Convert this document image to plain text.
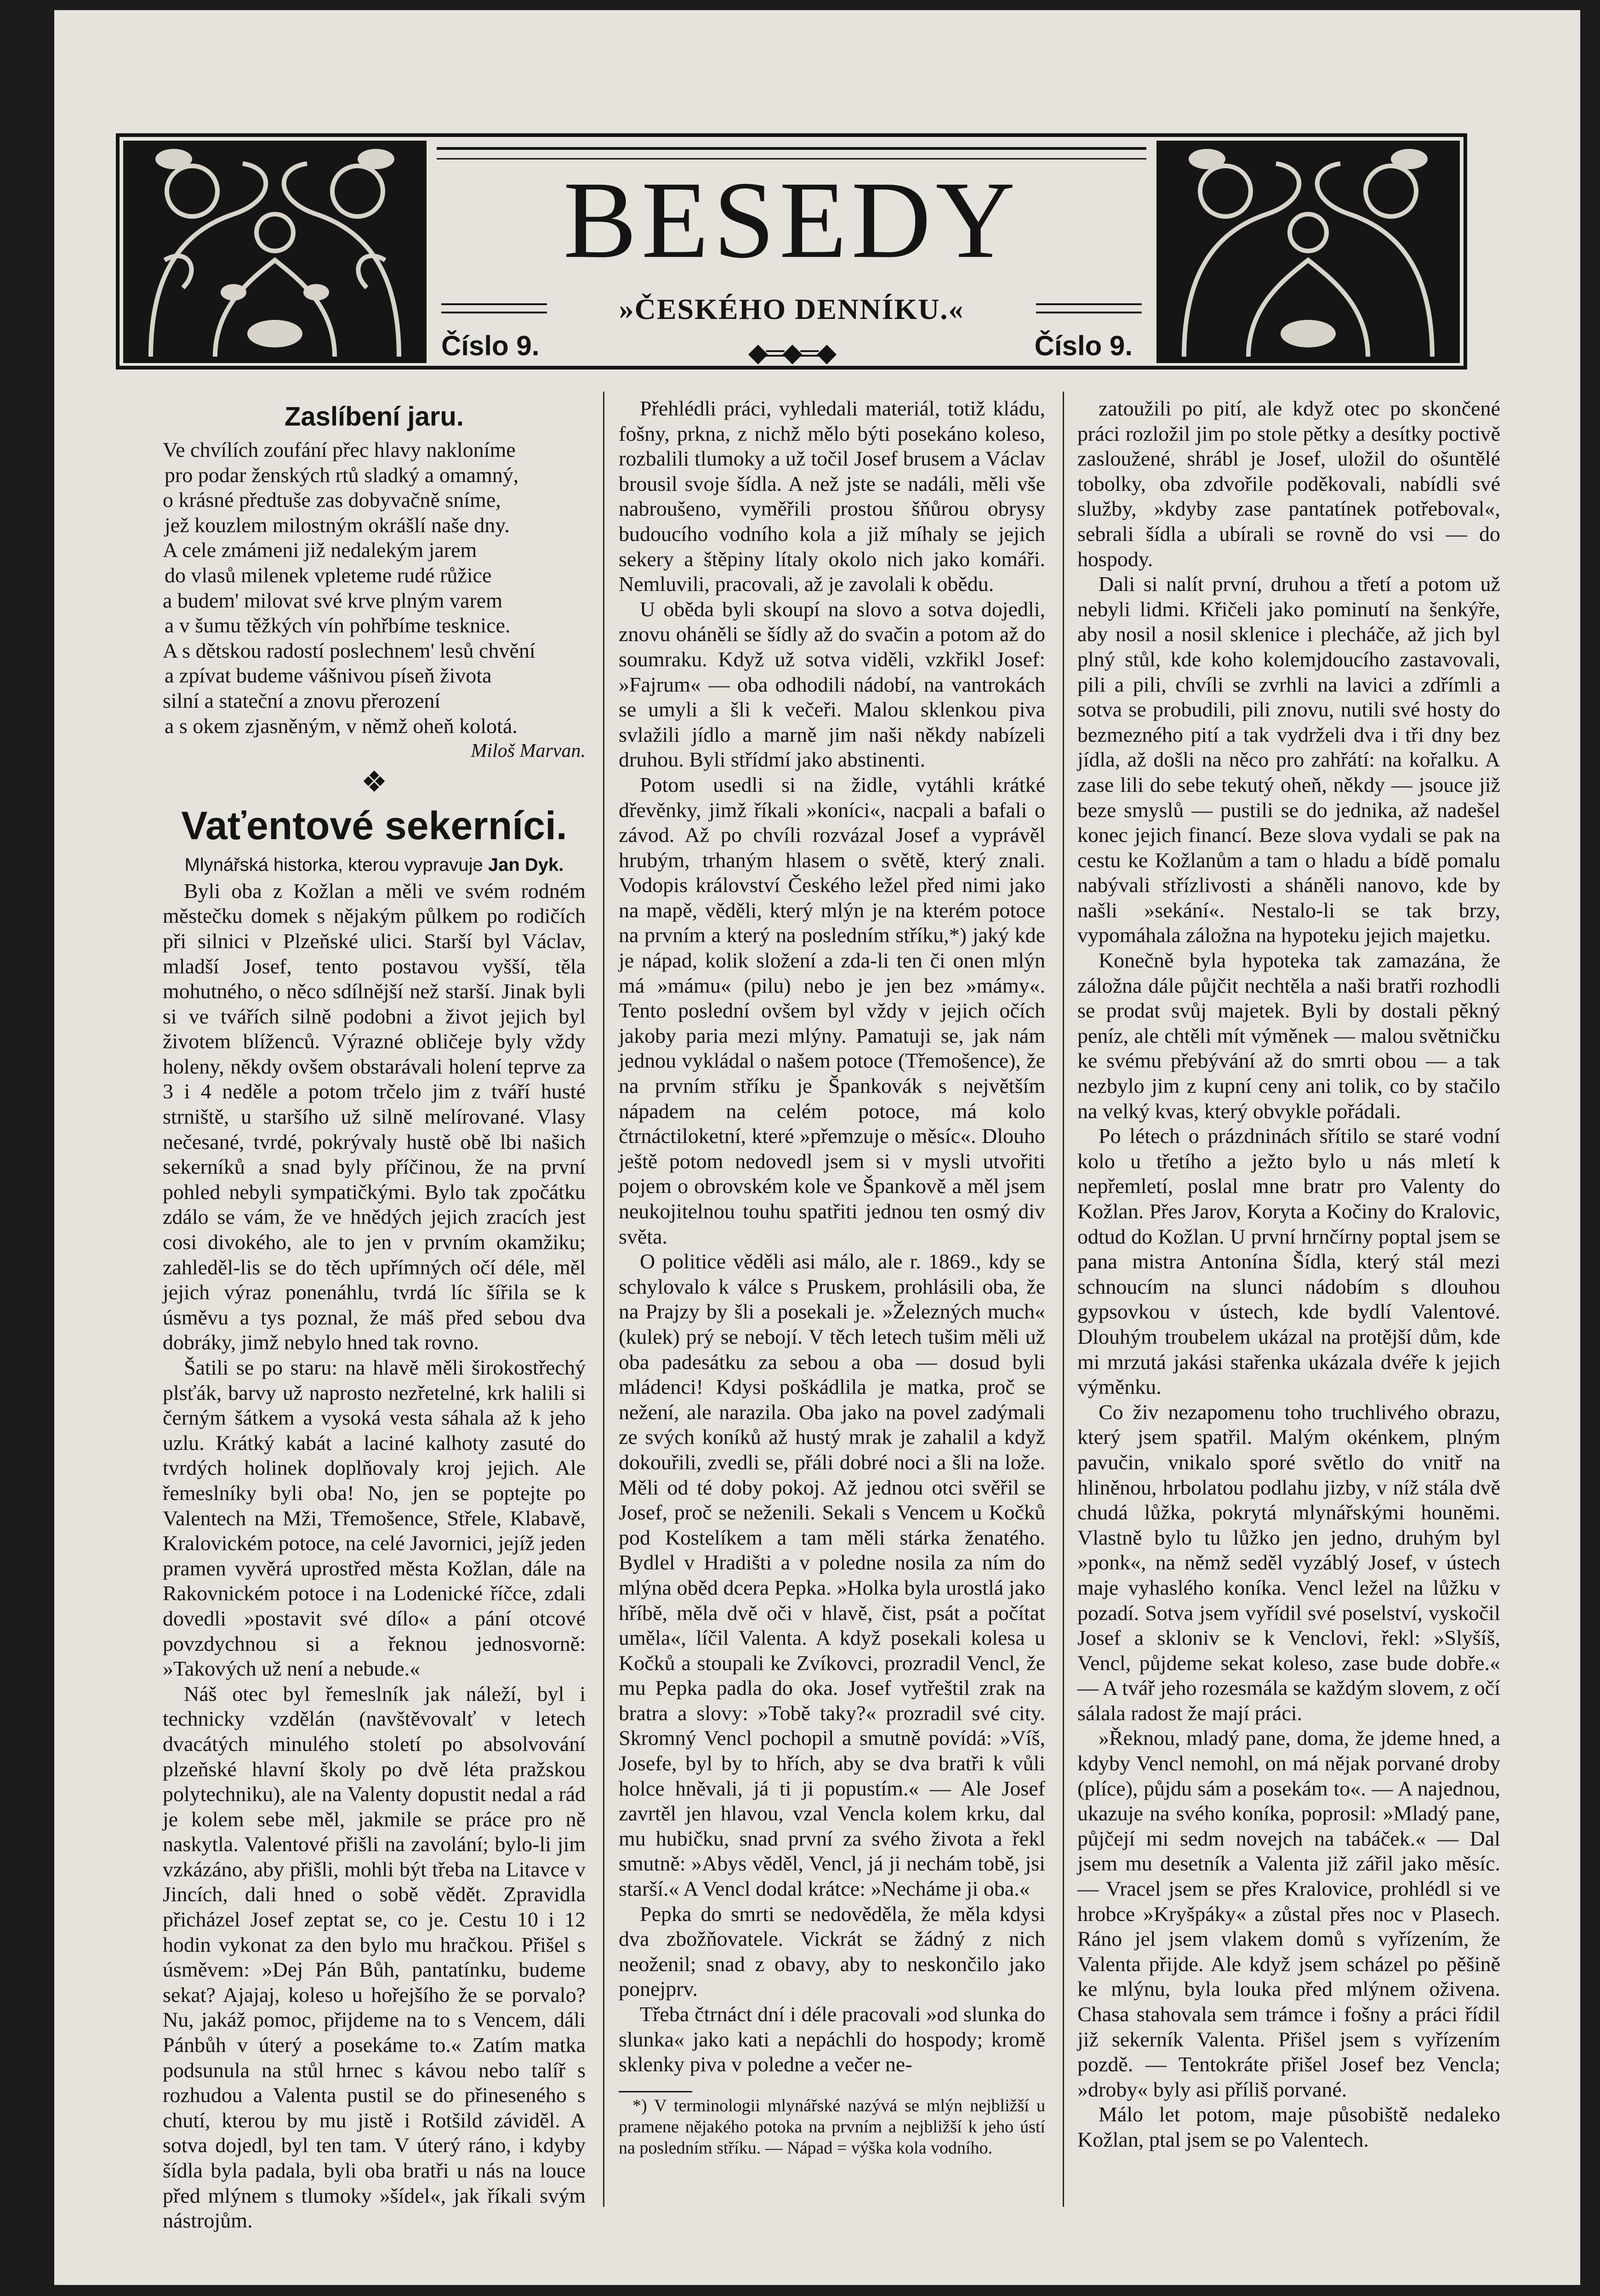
BESEDY
»ČESKÉHO DENNÍKU.«
Číslo 9.	◆═◆═◆	Číslo 9.

Zaslíbení jaru.

Ve chvílích zoufání přec hlavy nakloníme
pro podar ženských rtů sladký a omamný,
o krásné předtuše zas dobyvačně sníme,
jež kouzlem milostným okrášlí naše dny.

A cele zmámeni již nedalekým jarem
do vlasů milenek vpleteme rudé růžice
a budem' milovat své krve plným varem
a v šumu těžkých vín pohřbíme tesknice.

A s dětskou radostí poslechnem' lesů chvění
a zpívat budeme vášnivou píseň života
silní a stateční a znovu přerození
a s okem zjasněným, v němž oheň kolotá.

Miloš Marvan.

❖

Vaťentové sekerníci.

Mlynářská historka, kterou vypravuje Jan Dyk.

Byli oba z Kožlan a měli ve svém rodném městečku domek s nějakým půlkem po rodičích při silnici v Plzeňské ulici. Starší byl Václav, mladší Josef, tento postavou vyšší, těla mohutného, o něco sdílnější než starší. Jinak byli si ve tvářích silně podobni a život jejich byl životem blíženců. Výrazné obličeje byly vždy holeny, někdy ovšem obstarávali holení teprve za 3 i 4 neděle a potom trčelo jim z tváří husté strniště, u staršího už silně melírované. Vlasy nečesané, tvrdé, pokrývaly hustě obě lbi našich sekerníků a snad byly příčinou, že na první pohled nebyli sympatičkými. Bylo tak zpočátku zdálo se vám, že ve hnědých jejich zracích jest cosi divokého, ale to jen v prvním okamžiku; zahleděl-lis se do těch upřímných očí déle, měl jejich výraz ponenáhlu, tvrdá líc šířila se k úsměvu a tys poznal, že máš před sebou dva dobráky, jimž nebylo hned tak rovno.

Šatili se po staru: na hlavě měli širokostřechý plsťák, barvy už naprosto nezřetelné, krk halili si černým šátkem a vysoká vesta sáhala až k jeho uzlu. Krátký kabát a laciné kalhoty zasuté do tvrdých holinek doplňovaly kroj jejich. Ale řemeslníky byli oba! No, jen se poptejte po Valentech na Mži, Třemošence, Střele, Klabavě, Kralovickém potoce, na celé Javornici, jejíž jeden pramen vyvěrá uprostřed města Kožlan, dále na Rakovnickém potoce i na Lodenické říčce, zdali dovedli »postavit své dílo« a pání otcové povzdychnou si a řeknou jednosvorně: »Takových už není a nebude.«

Náš otec byl řemeslník jak náleží, byl i technicky vzdělán (navštěvovalť v letech dvacátých minulého století po absolvování plzeňské hlavní školy po dvě léta pražskou polytechniku), ale na Valenty dopustit nedal a rád je kolem sebe měl, jakmile se práce pro ně naskytla. Valentové přišli na zavolání; bylo-li jim vzkázáno, aby přišli, mohli být třeba na Litavce v Jincích, dali hned o sobě vědět. Zpravidla přicházel Josef zeptat se, co je. Cestu 10 i 12 hodin vykonat za den bylo mu hračkou. Přišel s úsměvem: »Dej Pán Bůh, pantatínku, budeme sekat? Ajajaj, koleso u hořejšího že se porvalo? Nu, jakáž pomoc, přijdeme na to s Vencem, dáli Pánbůh v úterý a posekáme to.« Zatím matka podsunula na stůl hrnec s kávou nebo talíř s rozhudou a Valenta pustil se do přineseného s chutí, kterou by mu jistě i Rotšild záviděl. A sotva dojedl, byl ten tam. V úterý ráno, i kdyby šídla byla padala, byli oba bratři u nás na louce před mlýnem s tlumoky »šídel«, jak říkali svým nástrojům.

Přehlédli práci, vyhledali materiál, totiž kládu, fošny, prkna, z nichž mělo býti posekáno koleso, rozbalili tlumoky a už točil Josef brusem a Václav brousil svoje šídla. A než jste se nadáli, měli vše nabroušeno, vyměřili prostou šňůrou obrysy budoucího vodního kola a již míhaly se jejich sekery a štěpiny lítaly okolo nich jako komáři. Nemluvili, pracovali, až je zavolali k obědu.

U oběda byli skoupí na slovo a sotva dojedli, znovu oháněli se šídly až do svačin a potom až do soumraku. Když už sotva viděli, vzkřikl Josef: »Fajrum« — oba odhodili nádobí, na vantrokách se umyli a šli k večeři. Malou sklenkou piva svlažili jídlo a marně jim naši někdy nabízeli druhou. Byli střídmí jako abstinenti.

Potom usedli si na židle, vytáhli krátké dřevěnky, jimž říkali »koníci«, nacpali a bafali o závod. Až po chvíli rozvázal Josef a vyprávěl hrubým, trhaným hlasem o světě, který znali. Vodopis království Českého ležel před nimi jako na mapě, věděli, který mlýn je na kterém potoce na prvním a který na posledním stříku,*) jaký kde je nápad, kolik složení a zda-li ten či onen mlýn má »mámu« (pilu) nebo je jen bez »mámy«. Tento poslední ovšem byl vždy v jejich očích jakoby paria mezi mlýny. Pamatuji se, jak nám jednou vykládal o našem potoce (Třemošence), že na prvním stříku je Špankovák s největším nápadem na celém potoce, má kolo čtrnáctiloketní, které »přemzuje o měsíc«. Dlouho ještě potom nedovedl jsem si v mysli utvořiti pojem o obrovském kole ve Špankově a měl jsem neukojitelnou touhu spatřiti jednou ten osmý div světa.

O politice věděli asi málo, ale r. 1869., kdy se schylovalo k válce s Pruskem, prohlásili oba, že na Prajzy by šli a posekali je. »Železných much« (kulek) prý se nebojí. V těch letech tušim měli už oba padesátku za sebou a oba — dosud byli mládenci! Kdysi poškádlila je matka, proč se nežení, ale narazila. Oba jako na povel zadýmali ze svých koníků až hustý mrak je zahalil a když dokouřili, zvedli se, přáli dobré noci a šli na lože. Měli od té doby pokoj. Až jednou otci svěřil se Josef, proč se neženili. Sekali s Vencem u Kočků pod Kostelíkem a tam měli stárka ženatého. Bydlel v Hradišti a v poledne nosila za ním do mlýna oběd dcera Pepka. »Holka byla urostlá jako hříbě, měla dvě oči v hlavě, čist, psát a počítat uměla«, líčil Valenta. A když posekali kolesa u Kočků a stoupali ke Zvíkovci, prozradil Vencl, že mu Pepka padla do oka. Josef vytřeštil zrak na bratra a slovy: »Tobě taky?« prozradil své city. Skromný Vencl pochopil a smutně povídá: »Víš, Josefe, byl by to hřích, aby se dva bratři k vůli holce hněvali, já ti ji popustím.« — Ale Josef zavrtěl jen hlavou, vzal Vencla kolem krku, dal mu hubičku, snad první za svého života a řekl smutně: »Abys věděl, Vencl, já ji nechám tobě, jsi starší.« A Vencl dodal krátce: »Necháme ji oba.«

Pepka do smrti se nedověděla, že měla kdysi dva zbožňovatele. Vickrát se žádný z nich neoženil; snad z obavy, aby to neskončilo jako ponejprv.

Třeba čtrnáct dní i déle pracovali »od slunka do slunka« jako kati a nepáchli do hospody; kromě sklenky piva v poledne a večer ne-

*) V terminologii mlynářské nazývá se mlýn nejbližší u pramene nějakého potoka na prvním a nejbližší k jeho ústí na posledním stříku. — Nápad = výška kola vodního.

zatoužili po pití, ale když otec po skončené práci rozložil jim po stole pětky a desítky poctivě zasloužené, shrábl je Josef, uložil do ošuntělé tobolky, oba zdvořile poděkovali, nabídli své služby, »kdyby zase pantatínek potřeboval«, sebrali šídla a ubírali se rovně do vsi — do hospody.

Dali si nalít první, druhou a třetí a potom už nebyli lidmi. Křičeli jako pominutí na šenkýře, aby nosil a nosil sklenice i plecháče, až jich byl plný stůl, kde koho kolemjdoucího zastavovali, pili a pili, chvíli se zvrhli na lavici a zdřímli a sotva se probudili, pili znovu, nutili své hosty do bezmezného pití a tak vydrželi dva i tři dny bez jídla, až došli na něco pro zahřátí: na kořalku. A zase lili do sebe tekutý oheň, někdy — jsouce již beze smyslů — pustili se do jednika, až nadešel konec jejich financí. Beze slova vydali se pak na cestu ke Kožlanům a tam o hladu a bídě pomalu nabývali střízlivosti a sháněli nanovo, kde by našli »sekání«. Nestalo-li se tak brzy, vypomáhala záložna na hypoteku jejich majetku.

Konečně byla hypoteka tak zamazána, že záložna dále půjčit nechtěla a naši bratři rozhodli se prodat svůj majetek. Byli by dostali pěkný peníz, ale chtěli mít výměnek — malou světničku ke svému přebývání až do smrti obou — a tak nezbylo jim z kupní ceny ani tolik, co by stačilo na velký kvas, který obvykle pořádali.

Po létech o prázdninách sřítilo se staré vodní kolo u třetího a ježto bylo u nás mletí k nepřemletí, poslal mne bratr pro Valenty do Kožlan. Přes Jarov, Koryta a Kočiny do Kralovic, odtud do Kožlan. U první hrnčírny poptal jsem se pana mistra Antonína Šídla, který stál mezi schnoucím na slunci nádobím s dlouhou gypsovkou v ústech, kde bydlí Valentové. Dlouhým troubelem ukázal na protější dům, kde mi mrzutá jakási stařenka ukázala dvéře k jejich výměnku.

Co živ nezapomenu toho truchlivého obrazu, který jsem spatřil. Malým okénkem, plným pavučin, vnikalo sporé světlo do vnitř na hliněnou, hrbolatou podlahu jizby, v níž stála dvě chudá lůžka, pokrytá mlynářskými hounĕmi. Vlastně bylo tu lůžko jen jedno, druhým byl »ponk«, na němž seděl vyzáblý Josef, v ústech maje vyhaslého koníka. Vencl ležel na lůžku v pozadí. Sotva jsem vyřídil své poselství, vyskočil Josef a skloniv se k Venclovi, řekl: »Slyšíš, Vencl, půjdeme sekat koleso, zase bude dobře.« — A tvář jeho rozesmála se každým slovem, z očí sálala radost že mají práci.

»Řeknou, mladý pane, doma, že jdeme hned, a kdyby Vencl nemohl, on má nějak porvané droby (plíce), půjdu sám a posekám to«. — A najednou, ukazuje na svého koníka, poprosil: »Mladý pane, půjčejí mi sedm novejch na tabáček.« — Dal jsem mu desetník a Valenta již zářil jako měsíc. — Vracel jsem se přes Kralovice, prohlédl si ve hrobce »Kryšpáky« a zůstal přes noc v Plasech. Ráno jel jsem vlakem domů s vyřízením, že Valenta přijde. Ale když jsem scházel po pěšině ke mlýnu, byla louka před mlýnem oživena. Chasa stahovala sem trámce i fošny a práci řídil již sekerník Valenta. Přišel jsem s vyřízením pozdě. — Tentokráte přišel Josef bez Vencla; »droby« byly asi příliš porvané.

Málo let potom, maje působiště nedaleko Kožlan, ptal jsem se po Valentech.
